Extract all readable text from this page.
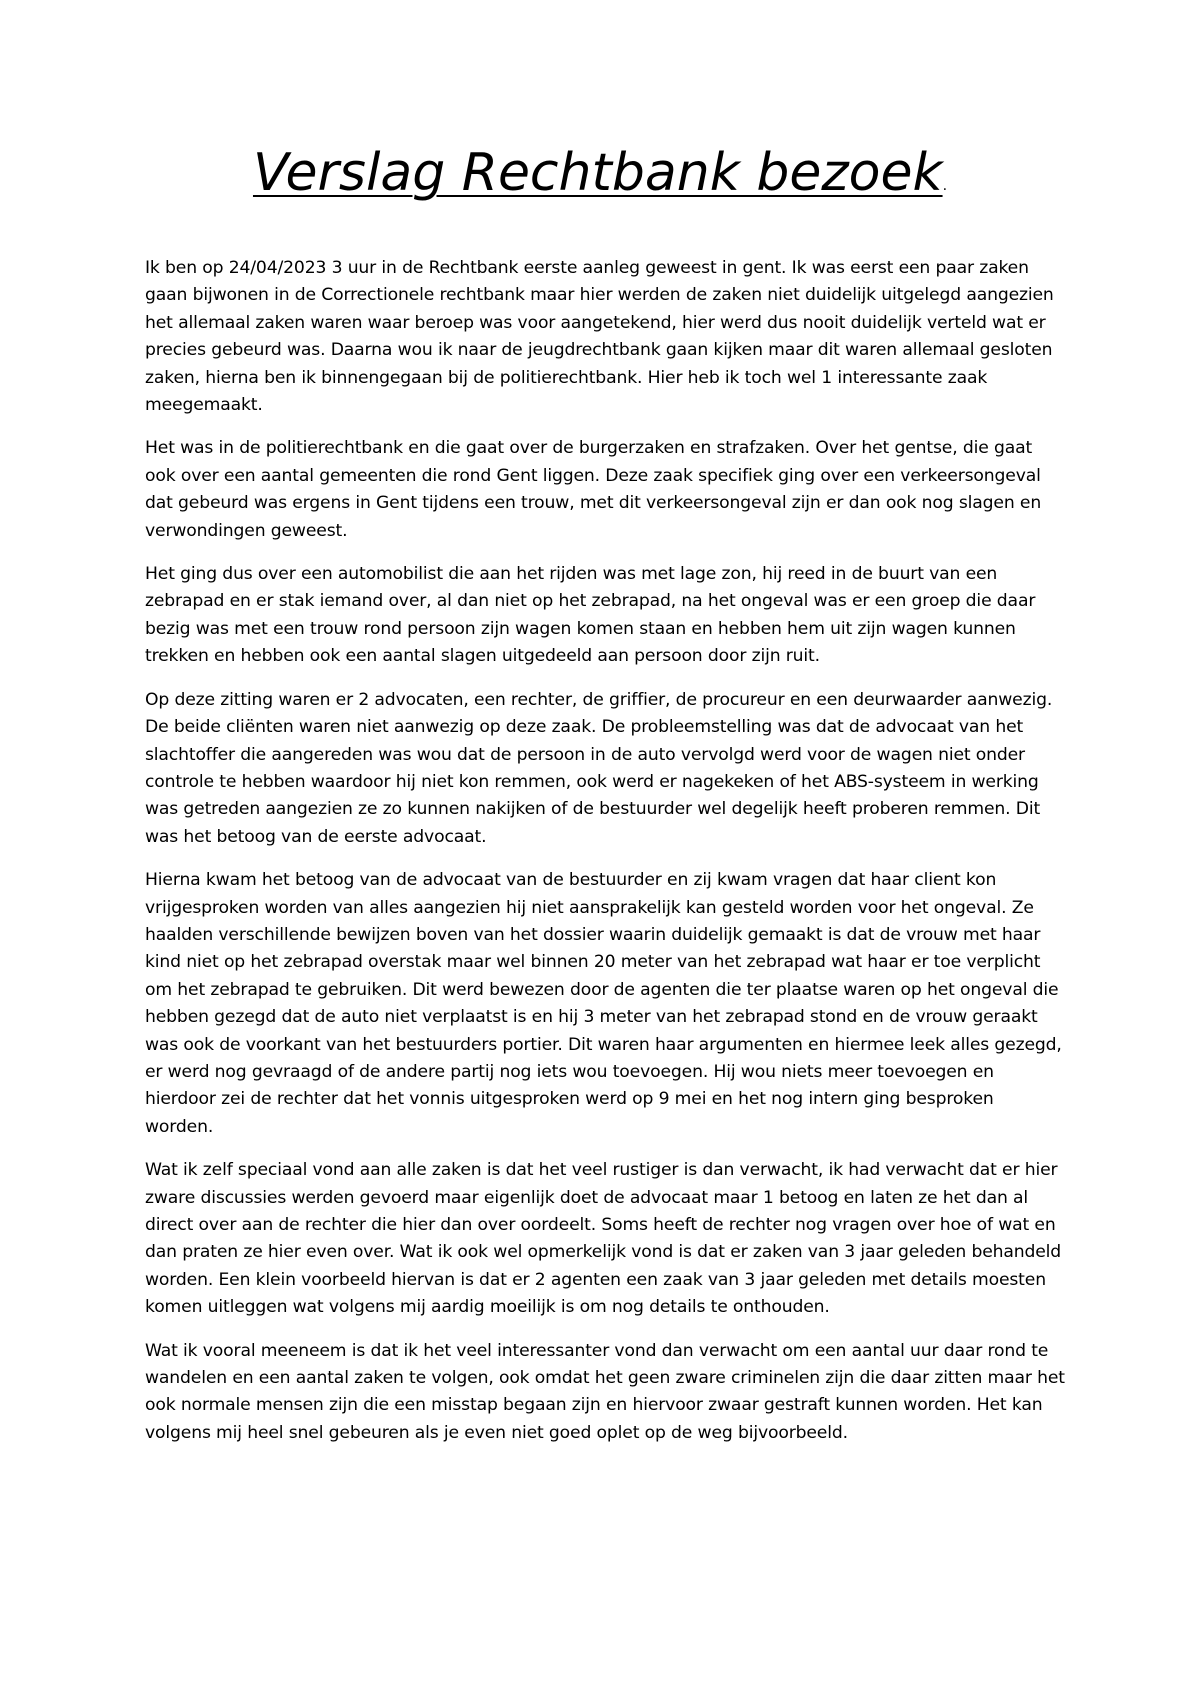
Verslag Rechtbank bezoek.

Ik ben op 24/04/2023 3 uur in de Rechtbank eerste aanleg geweest in gent. Ik was eerst een paar zaken gaan bijwonen in de Correctionele rechtbank maar hier werden de zaken niet duidelijk uitgelegd aangezien het allemaal zaken waren waar beroep was voor aangetekend, hier werd dus nooit duidelijk verteld wat er precies gebeurd was. Daarna wou ik naar de jeugdrechtbank gaan kijken maar dit waren allemaal gesloten zaken, hierna ben ik binnengegaan bij de politierechtbank. Hier heb ik toch wel 1 interessante zaak meegemaakt.

Het was in de politierechtbank en die gaat over de burgerzaken en strafzaken. Over het gentse, die gaat ook over een aantal gemeenten die rond Gent liggen. Deze zaak specifiek ging over een verkeersongeval dat gebeurd was ergens in Gent tijdens een trouw, met dit verkeersongeval zijn er dan ook nog slagen en verwondingen geweest.

Het ging dus over een automobilist die aan het rijden was met lage zon, hij reed in de buurt van een zebrapad en er stak iemand over, al dan niet op het zebrapad, na het ongeval was er een groep die daar bezig was met een trouw rond persoon zijn wagen komen staan en hebben hem uit zijn wagen kunnen trekken en hebben ook een aantal slagen uitgedeeld aan persoon door zijn ruit.

Op deze zitting waren er 2 advocaten, een rechter, de griffier, de procureur en een deurwaarder aanwezig. De beide cliënten waren niet aanwezig op deze zaak. De probleemstelling was dat de advocaat van het slachtoffer die aangereden was wou dat de persoon in de auto vervolgd werd voor de wagen niet onder controle te hebben waardoor hij niet kon remmen, ook werd er nagekeken of het ABS-systeem in werking was getreden aangezien ze zo kunnen nakijken of de bestuurder wel degelijk heeft proberen remmen. Dit was het betoog van de eerste advocaat.

Hierna kwam het betoog van de advocaat van de bestuurder en zij kwam vragen dat haar client kon vrijgesproken worden van alles aangezien hij niet aansprakelijk kan gesteld worden voor het ongeval. Ze haalden verschillende bewijzen boven van het dossier waarin duidelijk gemaakt is dat de vrouw met haar kind niet op het zebrapad overstak maar wel binnen 20 meter van het zebrapad wat haar er toe verplicht om het zebrapad te gebruiken. Dit werd bewezen door de agenten die ter plaatse waren op het ongeval die hebben gezegd dat de auto niet verplaatst is en hij 3 meter van het zebrapad stond en de vrouw geraakt was ook de voorkant van het bestuurders portier. Dit waren haar argumenten en hiermee leek alles gezegd, er werd nog gevraagd of de andere partij nog iets wou toevoegen. Hij wou niets meer toevoegen en hierdoor zei de rechter dat het vonnis uitgesproken werd op 9 mei en het nog intern ging besproken worden.

Wat ik zelf speciaal vond aan alle zaken is dat het veel rustiger is dan verwacht, ik had verwacht dat er hier zware discussies werden gevoerd maar eigenlijk doet de advocaat maar 1 betoog en laten ze het dan al direct over aan de rechter die hier dan over oordeelt. Soms heeft de rechter nog vragen over hoe of wat en dan praten ze hier even over. Wat ik ook wel opmerkelijk vond is dat er zaken van 3 jaar geleden behandeld worden. Een klein voorbeeld hiervan is dat er 2 agenten een zaak van 3 jaar geleden met details moesten komen uitleggen wat volgens mij aardig moeilijk is om nog details te onthouden.

Wat ik vooral meeneem is dat ik het veel interessanter vond dan verwacht om een aantal uur daar rond te wandelen en een aantal zaken te volgen, ook omdat het geen zware criminelen zijn die daar zitten maar het ook normale mensen zijn die een misstap begaan zijn en hiervoor zwaar gestraft kunnen worden. Het kan volgens mij heel snel gebeuren als je even niet goed oplet op de weg bijvoorbeeld.
